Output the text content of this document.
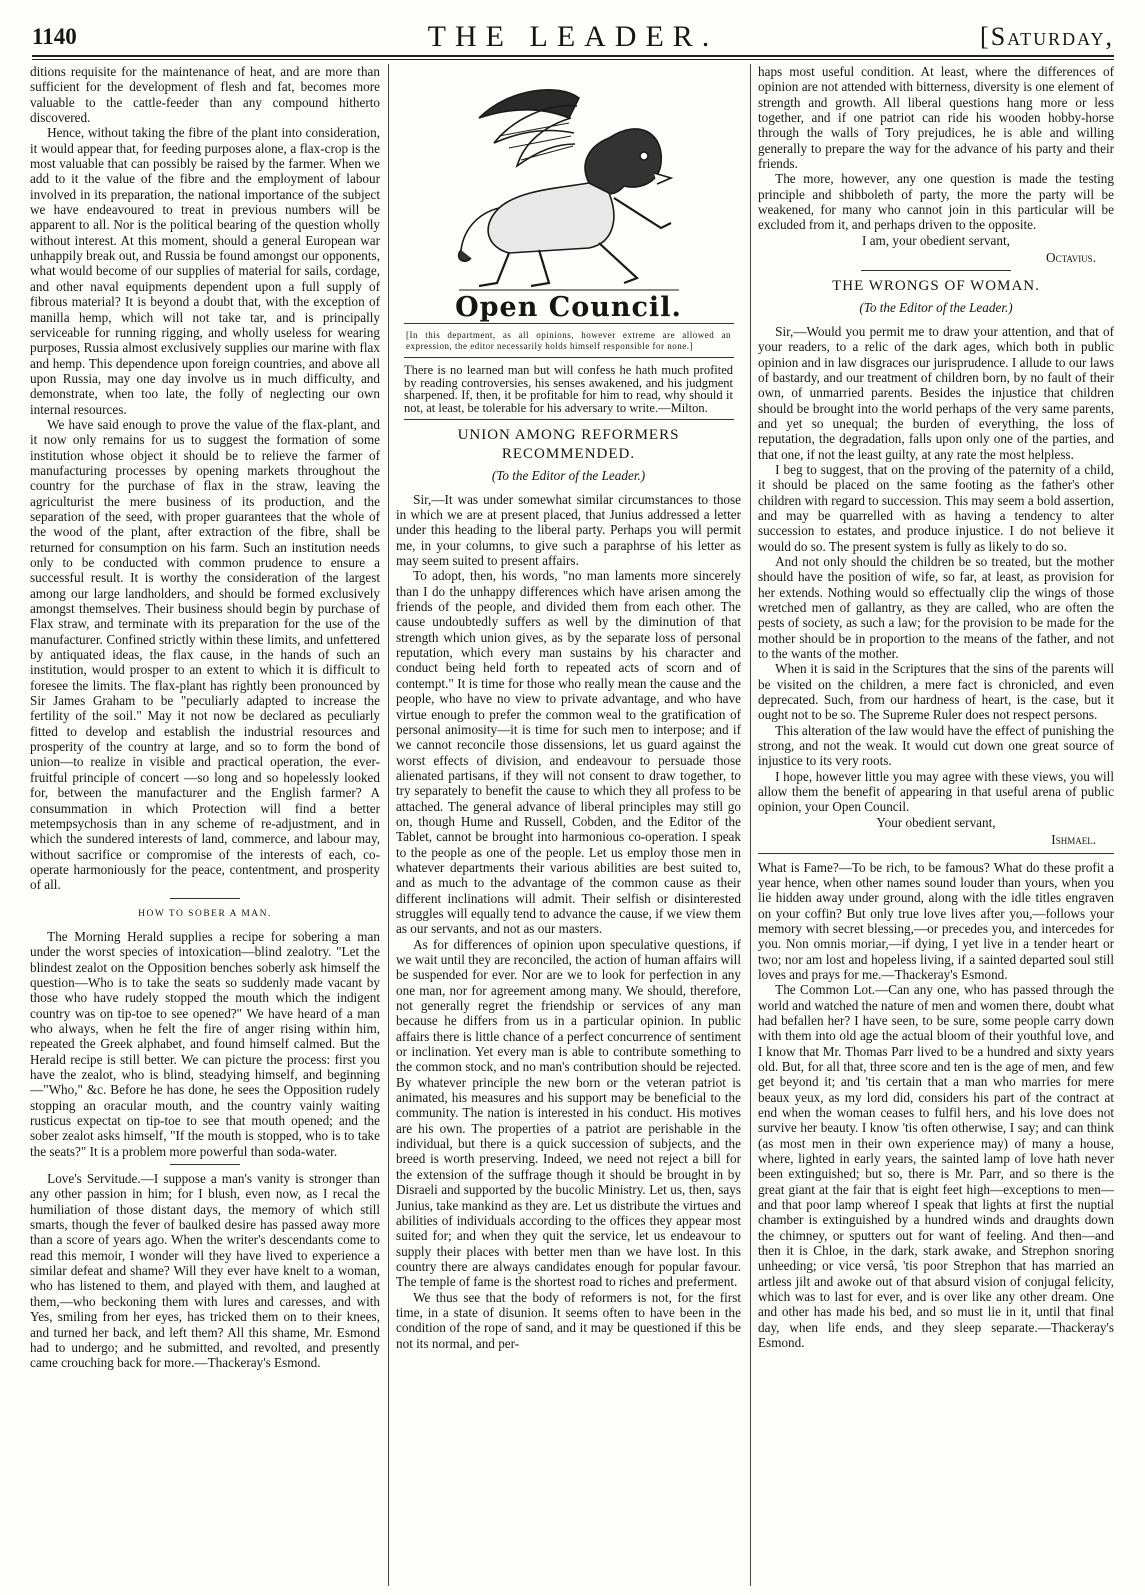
1140	THE LEADER.	[Saturday,

ditions requisite for the maintenance of heat, and are more than sufficient for the development of flesh and fat, becomes more valuable to the cattle-feeder than any compound hitherto discovered.

Hence, without taking the fibre of the plant into consideration, it would appear that, for feeding purposes alone, a flax-crop is the most valuable that can possibly be raised by the farmer. When we add to it the value of the fibre and the employment of labour involved in its preparation, the national importance of the subject we have endeavoured to treat in previous numbers will be apparent to all. Nor is the political bearing of the question wholly without interest. At this moment, should a general European war unhappily break out, and Russia be found amongst our opponents, what would become of our supplies of material for sails, cordage, and other naval equipments dependent upon a full supply of fibrous material? It is beyond a doubt that, with the exception of manilla hemp, which will not take tar, and is principally serviceable for running rigging, and wholly useless for wearing purposes, Russia almost exclusively supplies our marine with flax and hemp. This dependence upon foreign countries, and above all upon Russia, may one day involve us in much difficulty, and demonstrate, when too late, the folly of neglecting our own internal resources.

We have said enough to prove the value of the flax-plant, and it now only remains for us to suggest the formation of some institution whose object it should be to relieve the farmer of manufacturing processes by opening markets throughout the country for the purchase of flax in the straw, leaving the agriculturist the mere business of its production, and the separation of the seed, with proper guarantees that the whole of the wood of the plant, after extraction of the fibre, shall be returned for consumption on his farm. Such an institution needs only to be conducted with common prudence to ensure a successful result. It is worthy the consideration of the largest among our large landholders, and should be formed exclusively amongst themselves. Their business should begin by purchase of Flax straw, and terminate with its preparation for the use of the manufacturer. Confined strictly within these limits, and unfettered by antiquated ideas, the flax cause, in the hands of such an institution, would prosper to an extent to which it is difficult to foresee the limits. The flax-plant has rightly been pronounced by Sir James Graham to be "peculiarly adapted to increase the fertility of the soil." May it not now be declared as peculiarly fitted to develop and establish the industrial resources and prosperity of the country at large, and so to form the bond of union—to realize in visible and practical operation, the ever-fruitful principle of concert —so long and so hopelessly looked for, between the manufacturer and the English farmer? A consummation in which Protection will find a better metempsychosis than in any scheme of re-adjustment, and in which the sundered interests of land, commerce, and labour may, without sacrifice or compromise of the interests of each, co-operate harmoniously for the peace, contentment, and prosperity of all.

HOW TO SOBER A MAN.

The Morning Herald supplies a recipe for sobering a man under the worst species of intoxication—blind zealotry. "Let the blindest zealot on the Opposition benches soberly ask himself the question—Who is to take the seats so suddenly made vacant by those who have rudely stopped the mouth which the indigent country was on tip-toe to see opened?" We have heard of a man who always, when he felt the fire of anger rising within him, repeated the Greek alphabet, and found himself calmed. But the Herald recipe is still better. We can picture the process: first you have the zealot, who is blind, steadying himself, and beginning—"Who," &c. Before he has done, he sees the Opposition rudely stopping an oracular mouth, and the country vainly waiting rusticus expectat on tip-toe to see that mouth opened; and the sober zealot asks himself, "If the mouth is stopped, who is to take the seats?" It is a problem more powerful than soda-water.

Love's Servitude.—I suppose a man's vanity is stronger than any other passion in him; for I blush, even now, as I recal the humiliation of those distant days, the memory of which still smarts, though the fever of baulked desire has passed away more than a score of years ago. When the writer's descendants come to read this memoir, I wonder will they have lived to experience a similar defeat and shame? Will they ever have knelt to a woman, who has listened to them, and played with them, and laughed at them,—who beckoning them with lures and caresses, and with Yes, smiling from her eyes, has tricked them on to their knees, and turned her back, and left them? All this shame, Mr. Esmond had to undergo; and he submitted, and revolted, and presently came crouching back for more.—Thackeray's Esmond.

Open Council.

[In this department, as all opinions, however extreme are allowed an expression, the editor necessarily holds himself responsible for none.]

There is no learned man but will confess he hath much profited by reading controversies, his senses awakened, and his judgment sharpened. If, then, it be profitable for him to read, why should it not, at least, be tolerable for his adversary to write.—Milton.

UNION AMONG REFORMERS RECOMMENDED.

(To the Editor of the Leader.)

Sir,—It was under somewhat similar circumstances to those in which we are at present placed, that Junius addressed a letter under this heading to the liberal party. Perhaps you will permit me, in your columns, to give such a paraphrse of his letter as may seem suited to present affairs.

To adopt, then, his words, "no man laments more sincerely than I do the unhappy differences which have arisen among the friends of the people, and divided them from each other. The cause undoubtedly suffers as well by the diminution of that strength which union gives, as by the separate loss of personal reputation, which every man sustains by his character and conduct being held forth to repeated acts of scorn and of contempt." It is time for those who really mean the cause and the people, who have no view to private advantage, and who have virtue enough to prefer the common weal to the gratification of personal animosity—it is time for such men to interpose; and if we cannot reconcile those dissensions, let us guard against the worst effects of division, and endeavour to persuade those alienated partisans, if they will not consent to draw together, to try separately to benefit the cause to which they all profess to be attached. The general advance of liberal principles may still go on, though Hume and Russell, Cobden, and the Editor of the Tablet, cannot be brought into harmonious co-operation. I speak to the people as one of the people. Let us employ those men in whatever departments their various abilities are best suited to, and as much to the advantage of the common cause as their different inclinations will admit. Their selfish or disinterested struggles will equally tend to advance the cause, if we view them as our servants, and not as our masters.

As for differences of opinion upon speculative questions, if we wait until they are reconciled, the action of human affairs will be suspended for ever. Nor are we to look for perfection in any one man, nor for agreement among many. We should, therefore, not generally regret the friendship or services of any man because he differs from us in a particular opinion. In public affairs there is little chance of a perfect concurrence of sentiment or inclination. Yet every man is able to contribute something to the common stock, and no man's contribution should be rejected. By whatever principle the new born or the veteran patriot is animated, his measures and his support may be beneficial to the community. The nation is interested in his conduct. His motives are his own. The properties of a patriot are perishable in the individual, but there is a quick succession of subjects, and the breed is worth preserving. Indeed, we need not reject a bill for the extension of the suffrage though it should be brought in by Disraeli and supported by the bucolic Ministry. Let us, then, says Junius, take mankind as they are. Let us distribute the virtues and abilities of individuals according to the offices they appear most suited for; and when they quit the service, let us endeavour to supply their places with better men than we have lost. In this country there are always candidates enough for popular favour. The temple of fame is the shortest road to riches and preferment.

We thus see that the body of reformers is not, for the first time, in a state of disunion. It seems often to have been in the condition of the rope of sand, and it may be questioned if this be not its normal, and per-

haps most useful condition. At least, where the differences of opinion are not attended with bitterness, diversity is one element of strength and growth. All liberal questions hang more or less together, and if one patriot can ride his wooden hobby-horse through the walls of Tory prejudices, he is able and willing generally to prepare the way for the advance of his party and their friends.

The more, however, any one question is made the testing principle and shibboleth of party, the more the party will be weakened, for many who cannot join in this particular will be excluded from it, and perhaps driven to the opposite.

I am, your obedient servant,

Octavius.

THE WRONGS OF WOMAN.

(To the Editor of the Leader.)

Sir,—Would you permit me to draw your attention, and that of your readers, to a relic of the dark ages, which both in public opinion and in law disgraces our jurisprudence. I allude to our laws of bastardy, and our treatment of children born, by no fault of their own, of unmarried parents. Besides the injustice that children should be brought into the world perhaps of the very same parents, and yet so unequal; the burden of everything, the loss of reputation, the degradation, falls upon only one of the parties, and that one, if not the least guilty, at any rate the most helpless.

I beg to suggest, that on the proving of the paternity of a child, it should be placed on the same footing as the father's other children with regard to succession. This may seem a bold assertion, and may be quarrelled with as having a tendency to alter succession to estates, and produce injustice. I do not believe it would do so. The present system is fully as likely to do so.

And not only should the children be so treated, but the mother should have the position of wife, so far, at least, as provision for her extends. Nothing would so effectually clip the wings of those wretched men of gallantry, as they are called, who are often the pests of society, as such a law; for the provision to be made for the mother should be in proportion to the means of the father, and not to the wants of the mother.

When it is said in the Scriptures that the sins of the parents will be visited on the children, a mere fact is chronicled, and even deprecated. Such, from our hardness of heart, is the case, but it ought not to be so. The Supreme Ruler does not respect persons.

This alteration of the law would have the effect of punishing the strong, and not the weak. It would cut down one great source of injustice to its very roots.

I hope, however little you may agree with these views, you will allow them the benefit of appearing in that useful arena of public opinion, your Open Council.

Your obedient servant,

Ishmael.

What is Fame?—To be rich, to be famous? What do these profit a year hence, when other names sound louder than yours, when you lie hidden away under ground, along with the idle titles engraven on your coffin? But only true love lives after you,—follows your memory with secret blessing,—or precedes you, and intercedes for you. Non omnis moriar,—if dying, I yet live in a tender heart or two; nor am lost and hopeless living, if a sainted departed soul still loves and prays for me.—Thackeray's Esmond.

The Common Lot.—Can any one, who has passed through the world and watched the nature of men and women there, doubt what had befallen her? I have seen, to be sure, some people carry down with them into old age the actual bloom of their youthful love, and I know that Mr. Thomas Parr lived to be a hundred and sixty years old. But, for all that, three score and ten is the age of men, and few get beyond it; and 'tis certain that a man who marries for mere beaux yeux, as my lord did, considers his part of the contract at end when the woman ceases to fulfil hers, and his love does not survive her beauty. I know 'tis often otherwise, I say; and can think (as most men in their own experience may) of many a house, where, lighted in early years, the sainted lamp of love hath never been extinguished; but so, there is Mr. Parr, and so there is the great giant at the fair that is eight feet high—exceptions to men—and that poor lamp whereof I speak that lights at first the nuptial chamber is extinguished by a hundred winds and draughts down the chimney, or sputters out for want of feeling. And then—and then it is Chloe, in the dark, stark awake, and Strephon snoring unheeding; or vice versâ, 'tis poor Strephon that has married an artless jilt and awoke out of that absurd vision of conjugal felicity, which was to last for ever, and is over like any other dream. One and other has made his bed, and so must lie in it, until that final day, when life ends, and they sleep separate.—Thackeray's Esmond.
